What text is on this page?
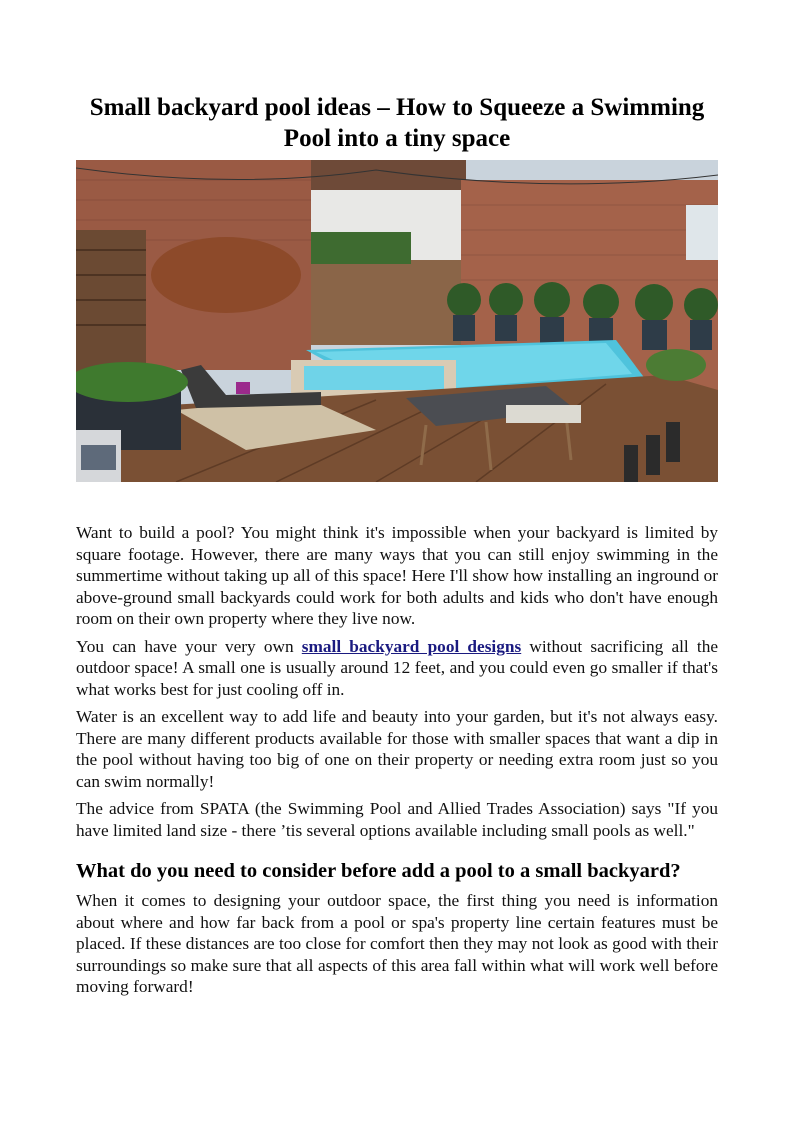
Small backyard pool ideas – How to Squeeze a Swimming Pool into a tiny space

Want to build a pool? You might think it's impossible when your backyard is limited by square footage. However, there are many ways that you can still enjoy swimming in the summertime without taking up all of this space! Here I'll show how installing an inground or above-ground small backyards could work for both adults and kids who don't have enough room on their own property where they live now.

You can have your very own small backyard pool designs without sacrificing all the outdoor space! A small one is usually around 12 feet, and you could even go smaller if that's what works best for just cooling off in.

Water is an excellent way to add life and beauty into your garden, but it's not always easy. There are many different products available for those with smaller spaces that want a dip in the pool without having too big of one on their property or needing extra room just so you can swim normally!

The advice from SPATA (the Swimming Pool and Allied Trades Association) says "If you have limited land size - there ’tis several options available including small pools as well."

What do you need to consider before add a pool to a small backyard?

When it comes to designing your outdoor space, the first thing you need is information about where and how far back from a pool or spa's property line certain features must be placed. If these distances are too close for comfort then they may not look as good with their surroundings so make sure that all aspects of this area fall within what will work well before moving forward!
